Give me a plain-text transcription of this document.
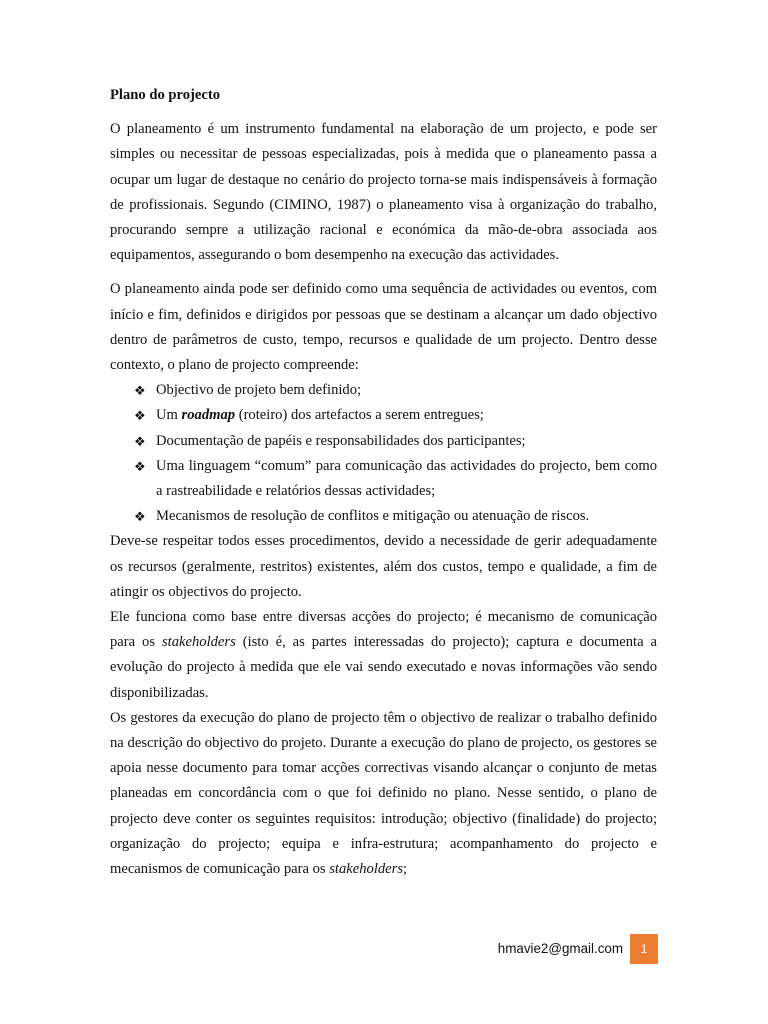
Plano do projecto

O planeamento é um instrumento fundamental na elaboração de um projecto, e pode ser simples ou necessitar de pessoas especializadas, pois à medida que o planeamento passa a ocupar um lugar de destaque no cenário do projecto torna-se mais indispensáveis à formação de profissionais. Segundo (CIMINO, 1987) o planeamento visa à organização do trabalho, procurando sempre a utilização racional e económica da mão-de-obra associada aos equipamentos, assegurando o bom desempenho na execução das actividades.

O planeamento ainda pode ser definido como uma sequência de actividades ou eventos, com início e fim, definidos e dirigidos por pessoas que se destinam a alcançar um dado objectivo dentro de parâmetros de custo, tempo, recursos e qualidade de um projecto. Dentro desse contexto, o plano de projecto compreende:

❖ Objectivo de projeto bem definido;
❖ Um roadmap (roteiro) dos artefactos a serem entregues;
❖ Documentação de papéis e responsabilidades dos participantes;
❖ Uma linguagem “comum” para comunicação das actividades do projecto, bem como a rastreabilidade e relatórios dessas actividades;
❖ Mecanismos de resolução de conflitos e mitigação ou atenuação de riscos.

Deve-se respeitar todos esses procedimentos, devido a necessidade de gerir adequadamente os recursos (geralmente, restritos) existentes, além dos custos, tempo e qualidade, a fim de atingir os objectivos do projecto.

Ele funciona como base entre diversas acções do projecto; é mecanismo de comunicação para os stakeholders (isto é, as partes interessadas do projecto); captura e documenta a evolução do projecto à medida que ele vai sendo executado e novas informações vão sendo disponibilizadas.

Os gestores da execução do plano de projecto têm o objectivo de realizar o trabalho definido na descrição do objectivo do projeto. Durante a execução do plano de projecto, os gestores se apoia nesse documento para tomar acções correctivas visando alcançar o conjunto de metas planeadas em concordância com o que foi definido no plano. Nesse sentido, o plano de projecto deve conter os seguintes requisitos: introdução; objectivo (finalidade) do projecto; organização do projecto; equipa e infra-estrutura; acompanhamento do projecto e mecanismos de comunicação para os stakeholders;

hmavie2@gmail.com	1
